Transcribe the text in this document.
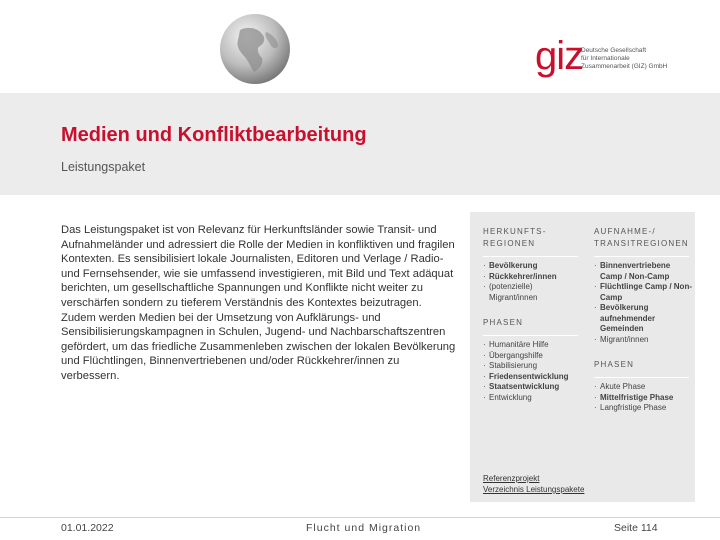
giz
Deutsche Gesellschaft
für Internationale
Zusammenarbeit (GIZ) GmbH
Medien und Konfliktbearbeitung
Leistungspaket
Das Leistungspaket ist von Relevanz für Herkunftsländer sowie Transit- und Aufnahmeländer und adressiert die Rolle der Medien in konfliktiven und fragilen Kontexten. Es sensibilisiert lokale Journalisten, Editoren und Verlage / Radio- und Fernsehsender, wie sie umfassend investigieren, mit Bild und Text adäquat berichten, um gesellschaftliche Spannungen und Konflikte nicht weiter zu verschärfen sondern zu tieferem Verständnis des Kontextes beizutragen. Zudem werden Medien bei der Umsetzung von Aufklärungs- und Sensibilisierungskampagnen in Schulen, Jugend- und Nachbarschaftszentren gefördert, um das friedliche Zusammenleben zwischen der lokalen Bevölkerung und Flüchtlingen, Binnenvertriebenen und/oder Rückkehrer/innen zu verbessern.
HERKUNFTS-REGIONEN
· Bevölkerung
· Rückkehrer/innen
· (potenzielle) Migrant/innen
PHASEN
· Humanitäre Hilfe
· Übergangshilfe
· Stabilisierung
· Friedensentwicklung
· Staatsentwicklung
· Entwicklung
AUFNAHME-/ TRANSITREGIONEN
· Binnenvertriebene Camp / Non-Camp
· Flüchtlinge Camp / Non-Camp
· Bevölkerung aufnehmender Gemeinden
· Migrant/innen
PHASEN
· Akute Phase
· Mittelfristige Phase
· Langfristige Phase
Referenzprojekt
Verzeichnis Leistungspakete
01.01.2022	Flucht und Migration	Seite 114
